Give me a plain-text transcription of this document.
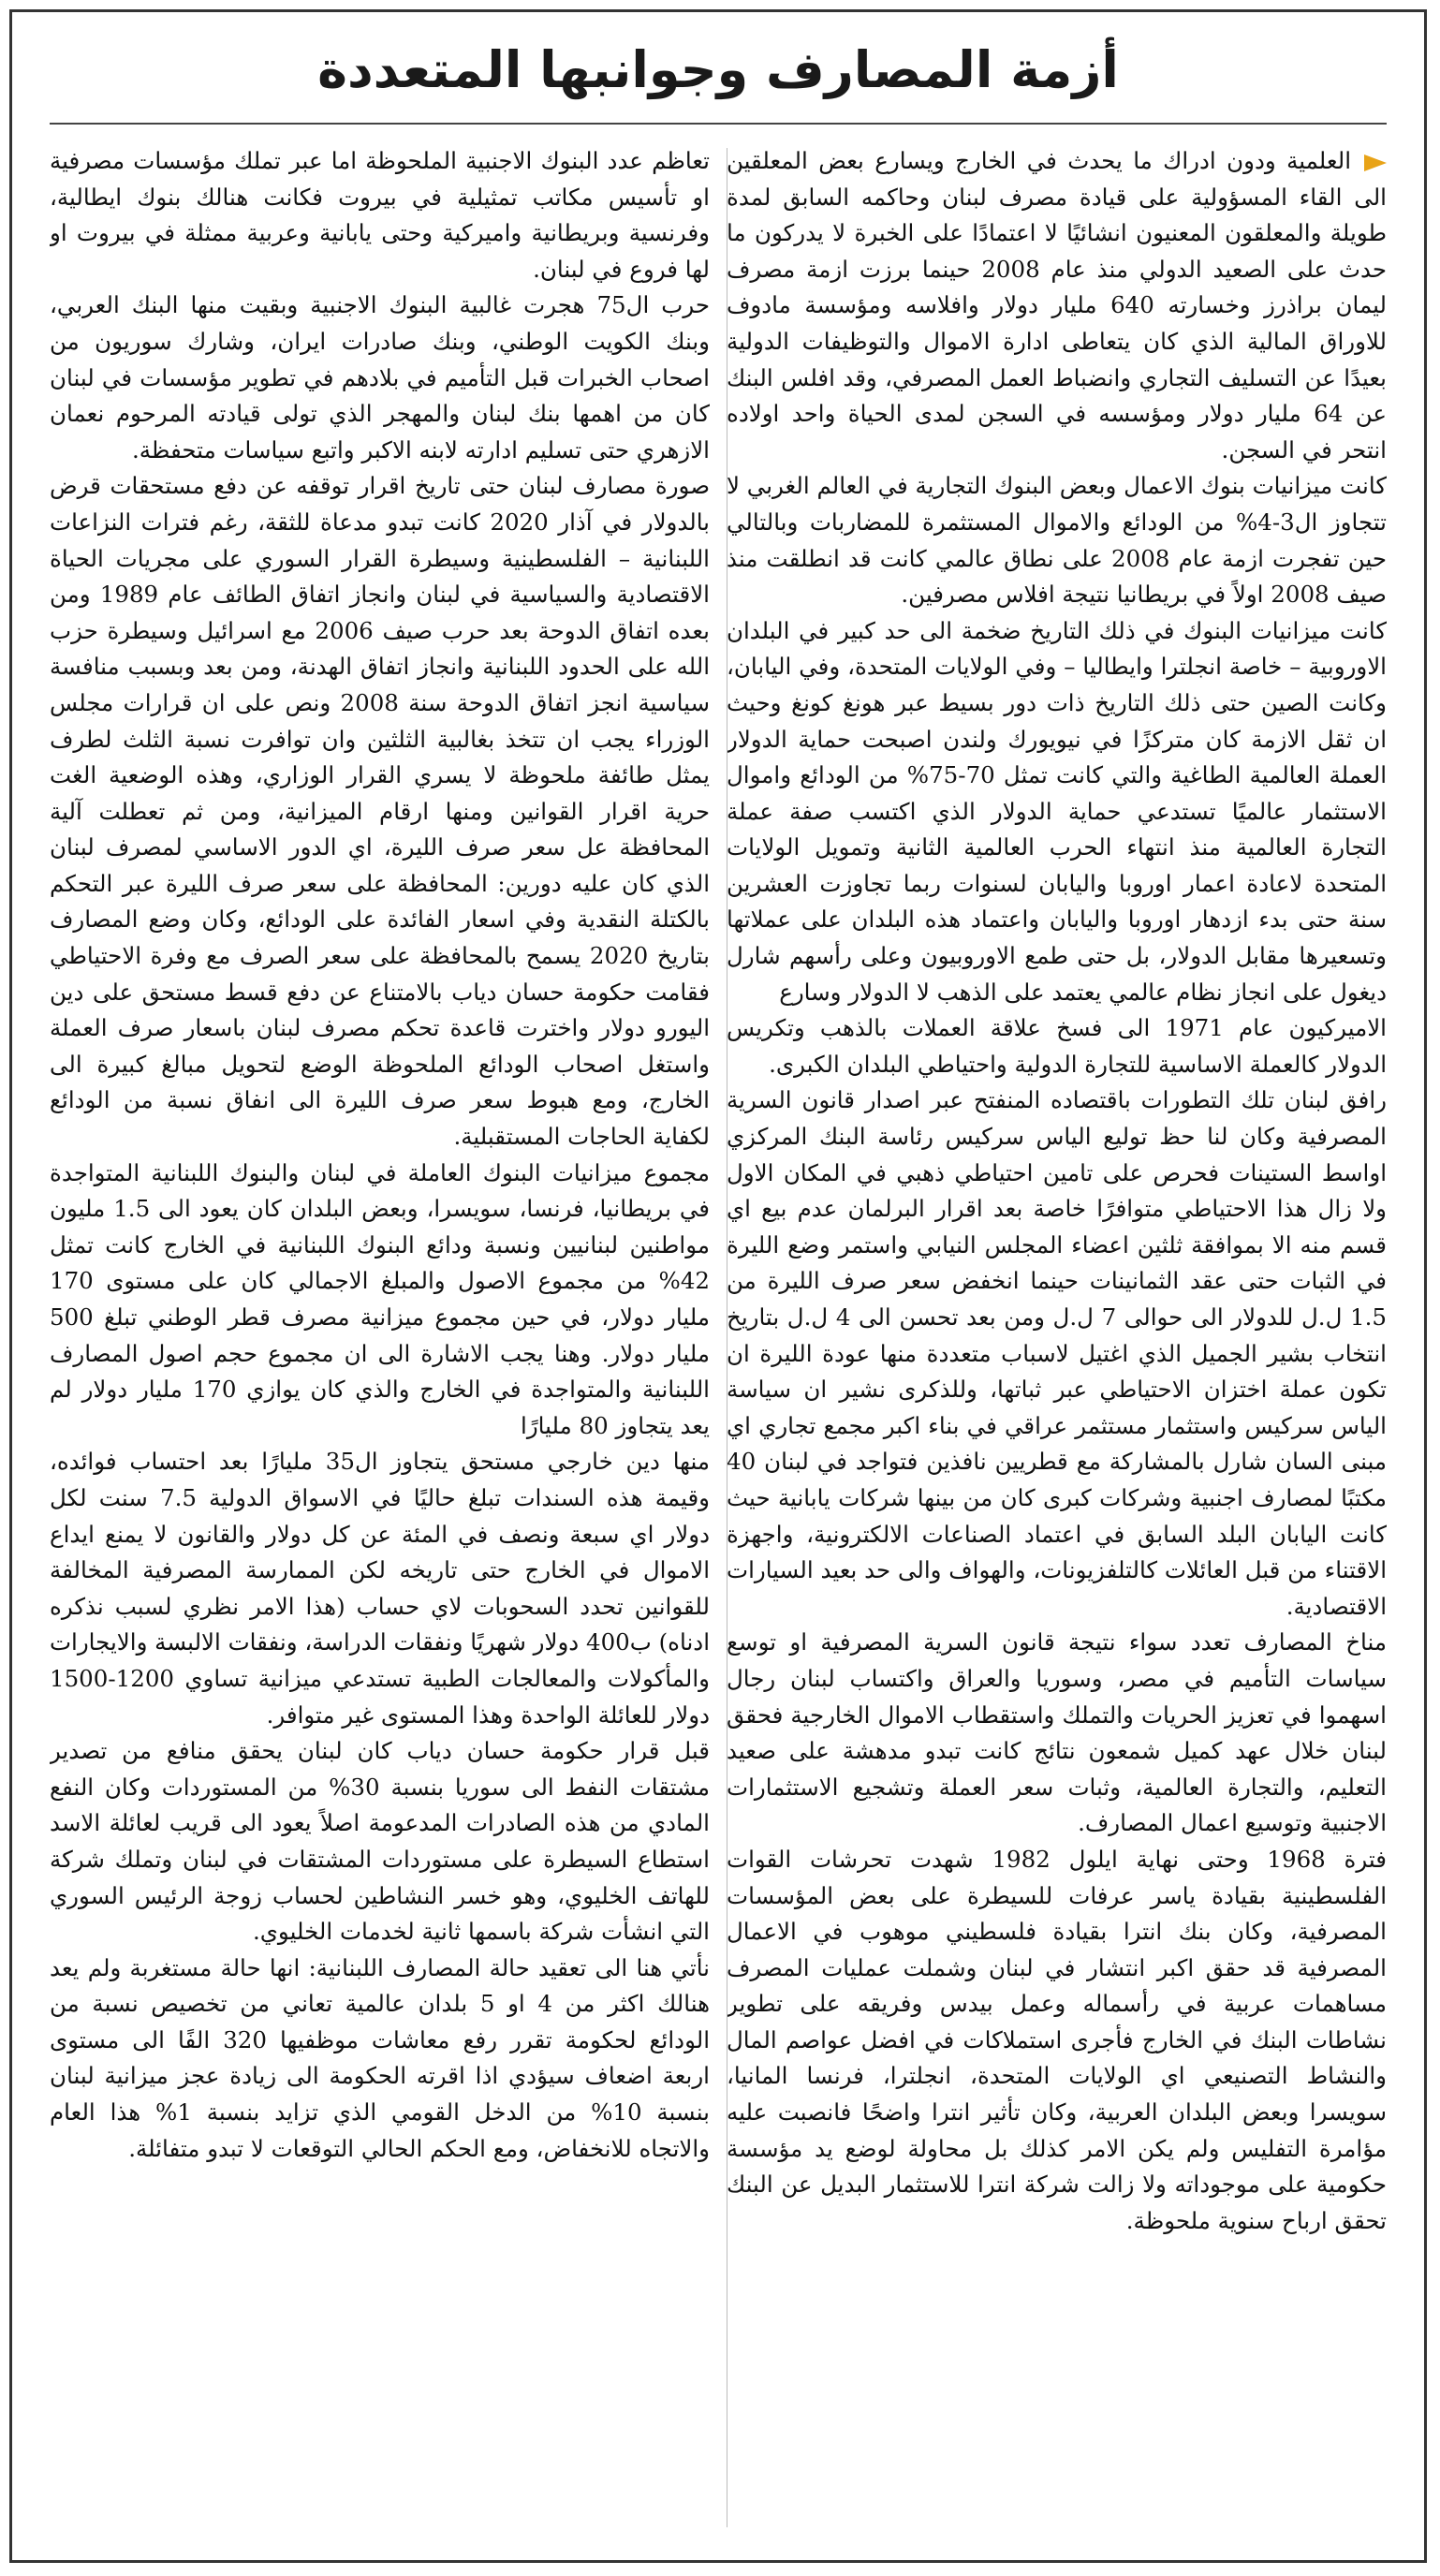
أزمة المصارف وجوانبها المتعددة

العلمية ودون ادراك ما يحدث في الخارج ويسارع بعض المعلقين الى القاء المسؤولية على قيادة مصرف لبنان وحاكمه السابق لمدة طويلة والمعلقون المعنيون انشائيًا لا اعتمادًا على الخبرة لا يدركون ما حدث على الصعيد الدولي منذ عام 2008 حينما برزت ازمة مصرف ليمان براذرز وخسارته 640 مليار دولار وافلاسه ومؤسسة مادوف للاوراق المالية الذي كان يتعاطى ادارة الاموال والتوظيفات الدولية بعيدًا عن التسليف التجاري وانضباط العمل المصرفي، وقد افلس البنك عن 64 مليار دولار ومؤسسه في السجن لمدى الحياة واحد اولاده انتحر في السجن.

كانت ميزانيات بنوك الاعمال وبعض البنوك التجارية في العالم الغربي لا تتجاوز ال3-4% من الودائع والاموال المستثمرة للمضاربات وبالتالي حين تفجرت ازمة عام 2008 على نطاق عالمي كانت قد انطلقت منذ صيف 2008 اولاً في بريطانيا نتيجة افلاس مصرفين.

كانت ميزانيات البنوك في ذلك التاريخ ضخمة الى حد كبير في البلدان الاوروبية – خاصة انجلترا وايطاليا – وفي الولايات المتحدة، وفي اليابان، وكانت الصين حتى ذلك التاريخ ذات دور بسيط عبر هونغ كونغ وحيث ان ثقل الازمة كان متركزًا في نيويورك ولندن اصبحت حماية الدولار العملة العالمية الطاغية والتي كانت تمثل 70-75% من الودائع واموال الاستثمار عالميًا تستدعي حماية الدولار الذي اكتسب صفة عملة التجارة العالمية منذ انتهاء الحرب العالمية الثانية وتمويل الولايات المتحدة لاعادة اعمار اوروبا واليابان لسنوات ربما تجاوزت العشرين سنة حتى بدء ازدهار اوروبا واليابان واعتماد هذه البلدان على عملاتها وتسعيرها مقابل الدولار، بل حتى طمع الاوروبيون وعلى رأسهم شارل ديغول على انجاز نظام عالمي يعتمد على الذهب لا الدولار وسارع

الاميركيون عام 1971 الى فسخ علاقة العملات بالذهب وتكريس الدولار كالعملة الاساسية للتجارة الدولية واحتياطي البلدان الكبرى.

رافق لبنان تلك التطورات باقتصاده المنفتح عبر اصدار قانون السرية المصرفية وكان لنا حظ توليع الياس سركيس رئاسة البنك المركزي اواسط الستينات فحرص على تامين احتياطي ذهبي في المكان الاول ولا زال هذا الاحتياطي متوافرًا خاصة بعد اقرار البرلمان عدم بيع اي قسم منه الا بموافقة ثلثين اعضاء المجلس النيابي واستمر وضع الليرة في الثبات حتى عقد الثمانينات حينما انخفض سعر صرف الليرة من 1.5 ل.ل للدولار الى حوالى 7 ل.ل ومن بعد تحسن الى 4 ل.ل بتاريخ انتخاب بشير الجميل الذي اغتيل لاسباب متعددة منها عودة الليرة ان تكون عملة اختزان الاحتياطي عبر ثباتها، وللذكرى نشير ان سياسة الياس سركيس واستثمار مستثمر عراقي في بناء اكبر مجمع تجاري اي مبنى السان شارل بالمشاركة مع قطريين نافذين فتواجد في لبنان 40 مكتبًا لمصارف اجنبية وشركات كبرى كان من بينها شركات يابانية حيث كانت اليابان البلد السابق في اعتماد الصناعات الالكترونية، واجهزة الاقتناء من قبل العائلات كالتلفزيونات، والهواف والى حد بعيد السيارات الاقتصادية.

مناخ المصارف تعدد سواء نتيجة قانون السرية المصرفية او توسع سياسات التأميم في مصر، وسوريا والعراق واكتساب لبنان رجال اسهموا في تعزيز الحريات والتملك واستقطاب الاموال الخارجية فحقق لبنان خلال عهد كميل شمعون نتائج كانت تبدو مدهشة على صعيد التعليم، والتجارة العالمية، وثبات سعر العملة وتشجيع الاستثمارات الاجنبية وتوسيع اعمال المصارف.

فترة 1968 وحتى نهاية ايلول 1982 شهدت تحرشات القوات الفلسطينية بقيادة ياسر عرفات للسيطرة على بعض المؤسسات المصرفية، وكان بنك انترا بقيادة فلسطيني موهوب في الاعمال المصرفية قد حقق اكبر انتشار في لبنان وشملت عمليات المصرف مساهمات عربية في رأسماله وعمل بيدس وفريقه على تطوير نشاطات البنك في الخارج فأجرى استملاكات في افضل عواصم المال والنشاط التصنيعي اي الولايات المتحدة، انجلترا، فرنسا المانيا، سويسرا وبعض البلدان العربية، وكان تأثير انترا واضحًا فانصبت عليه مؤامرة التفليس ولم يكن الامر كذلك بل محاولة لوضع يد مؤسسة حكومية على موجوداته ولا زالت شركة انترا للاستثمار البديل عن البنك تحقق ارباح سنوية ملحوظة.

تعاظم عدد البنوك الاجنبية الملحوظة اما عبر تملك مؤسسات مصرفية او تأسيس مكاتب تمثيلية في بيروت فكانت هنالك بنوك ايطالية، وفرنسية وبريطانية واميركية وحتى يابانية وعربية ممثلة في بيروت او لها فروع في لبنان.

حرب ال75 هجرت غالبية البنوك الاجنبية وبقيت منها البنك العربي، وبنك الكويت الوطني، وبنك صادرات ايران، وشارك سوريون من اصحاب الخبرات قبل التأميم في بلادهم في تطوير مؤسسات في لبنان كان من اهمها بنك لبنان والمهجر الذي تولى قيادته المرحوم نعمان الازهري حتى تسليم ادارته لابنه الاكبر واتبع سياسات متحفظة.

صورة مصارف لبنان حتى تاريخ اقرار توقفه عن دفع مستحقات قرض بالدولار في آذار 2020 كانت تبدو مدعاة للثقة، رغم فترات النزاعات اللبنانية – الفلسطينية وسيطرة القرار السوري على مجريات الحياة الاقتصادية والسياسية في لبنان وانجاز اتفاق الطائف عام 1989 ومن بعده اتفاق الدوحة بعد حرب صيف 2006 مع اسرائيل وسيطرة حزب الله على الحدود اللبنانية وانجاز اتفاق الهدنة، ومن بعد وبسبب منافسة سياسية انجز اتفاق الدوحة سنة 2008 ونص على ان قرارات مجلس الوزراء يجب ان تتخذ بغالبية الثلثين وان توافرت نسبة الثلث لطرف يمثل طائفة ملحوظة لا يسري القرار الوزاري، وهذه الوضعية الغت حرية اقرار القوانين ومنها ارقام الميزانية، ومن ثم تعطلت آلية المحافظة عل سعر صرف الليرة، اي الدور الاساسي لمصرف لبنان الذي كان عليه دورين: المحافظة على سعر صرف الليرة عبر التحكم بالكتلة النقدية وفي اسعار الفائدة على الودائع، وكان وضع المصارف بتاريخ 2020 يسمح بالمحافظة على سعر الصرف مع وفرة الاحتياطي فقامت حكومة حسان دياب بالامتناع عن دفع قسط مستحق على دين اليورو دولار واخترت قاعدة تحكم مصرف لبنان باسعار صرف العملة واستغل اصحاب الودائع الملحوظة الوضع لتحويل مبالغ كبيرة الى الخارج، ومع هبوط سعر صرف الليرة الى انفاق نسبة من الودائع لكفاية الحاجات المستقبلية.

مجموع ميزانيات البنوك العاملة في لبنان والبنوك اللبنانية المتواجدة في بريطانيا، فرنسا، سويسرا، وبعض البلدان كان يعود الى 1.5 مليون مواطنين لبنانيين ونسبة ودائع البنوك اللبنانية في الخارج كانت تمثل 42% من مجموع الاصول والمبلغ الاجمالي كان على مستوى 170 مليار دولار، في حين مجموع ميزانية مصرف قطر الوطني تبلغ 500 مليار دولار. وهنا يجب الاشارة الى ان مجموع حجم اصول المصارف اللبنانية والمتواجدة في الخارج والذي كان يوازي 170 مليار دولار لم يعد يتجاوز 80 مليارًا

منها دين خارجي مستحق يتجاوز ال35 مليارًا بعد احتساب فوائده، وقيمة هذه السندات تبلغ حاليًا في الاسواق الدولية 7.5 سنت لكل دولار اي سبعة ونصف في المئة عن كل دولار والقانون لا يمنع ايداع الاموال في الخارج حتى تاريخه لكن الممارسة المصرفية المخالفة للقوانين تحدد السحوبات لاي حساب (هذا الامر نظري لسبب نذكره ادناه) ب400 دولار شهريًا ونفقات الدراسة، ونفقات الالبسة والايجارات والمأكولات والمعالجات الطبية تستدعي ميزانية تساوي 1200-1500 دولار للعائلة الواحدة وهذا المستوى غير متوافر.

قبل قرار حكومة حسان دياب كان لبنان يحقق منافع من تصدير مشتقات النفط الى سوريا بنسبة 30% من المستوردات وكان النفع المادي من هذه الصادرات المدعومة اصلاً يعود الى قريب لعائلة الاسد استطاع السيطرة على مستوردات المشتقات في لبنان وتملك شركة للهاتف الخليوي، وهو خسر النشاطين لحساب زوجة الرئيس السوري التي انشأت شركة باسمها ثانية لخدمات الخليوي.

نأتي هنا الى تعقيد حالة المصارف اللبنانية: انها حالة مستغربة ولم يعد هنالك اكثر من 4 او 5 بلدان عالمية تعاني من تخصيص نسبة من الودائع لحكومة تقرر رفع معاشات موظفيها 320 الفًا الى مستوى اربعة اضعاف سيؤدي اذا اقرته الحكومة الى زيادة عجز ميزانية لبنان بنسبة 10% من الدخل القومي الذي تزايد بنسبة 1% هذا العام والاتجاه للانخفاض، ومع الحكم الحالي التوقعات لا تبدو متفائلة.
